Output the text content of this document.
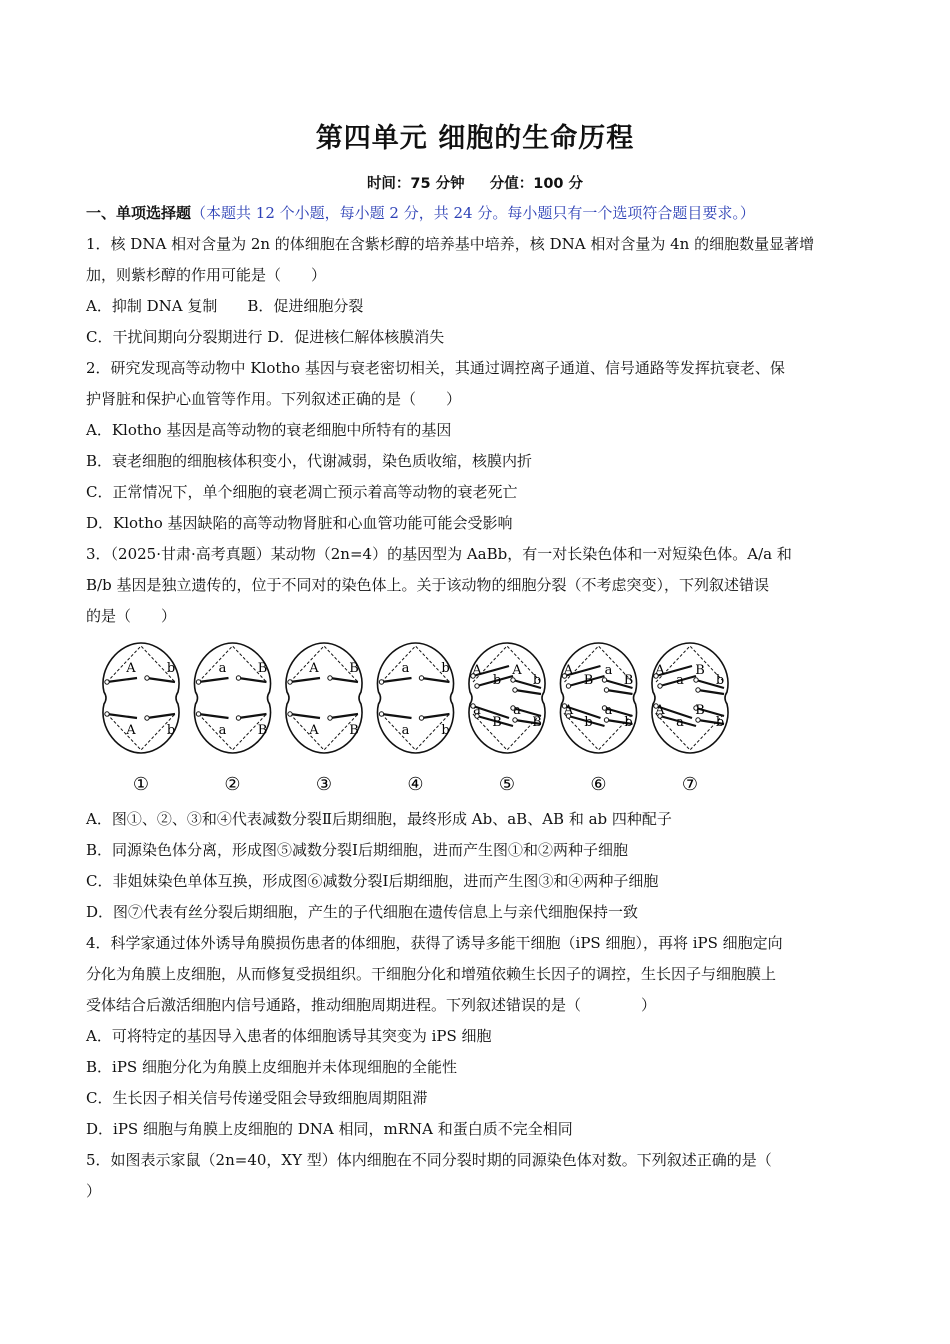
第四单元 细胞的生命历程
时间：75 分钟 分值：100 分
一、单项选择题（本题共 12 个小题，每小题 2 分，共 24 分。每小题只有一个选项符合题目要求。）
1．核 DNA 相对含量为 2n 的体细胞在含紫杉醇的培养基中培养，核 DNA 相对含量为 4n 的细胞数量显著增
加，则紫杉醇的作用可能是（　　）
A．抑制 DNA 复制　　B．促进细胞分裂
C．干扰间期向分裂期进行 D．促进核仁解体核膜消失
2．研究发现高等动物中 Klotho 基因与衰老密切相关，其通过调控离子通道、信号通路等发挥抗衰老、保
护肾脏和保护心血管等作用。下列叙述正确的是（　　）
A．Klotho 基因是高等动物的衰老细胞中所特有的基因
B．衰老细胞的细胞核体积变小，代谢减弱，染色质收缩，核膜内折
C．正常情况下，单个细胞的衰老凋亡预示着高等动物的衰老死亡
D．Klotho 基因缺陷的高等动物肾脏和心血管功能可能会受影响
3．（2025·甘肃·高考真题）某动物（2n=4）的基因型为 AaBb，有一对长染色体和一对短染色体。A/a 和
B/b 基因是独立遗传的，位于不同对的染色体上。关于该动物的细胞分裂（不考虑突变），下列叙述错误
的是（　　）
A b
A b
①
a B
a B
②
A B
A B
③
a b
a b
④
A
b
A
b
a
B
a
B
⑤
A
B
a
B
A
b
a
b
⑥
A
a
B
b
A
a
B
b
⑦
A．图①、②、③和④代表减数分裂Ⅱ后期细胞，最终形成 Ab、aB、AB 和 ab 四种配子
B．同源染色体分离，形成图⑤减数分裂Ⅰ后期细胞，进而产生图①和②两种子细胞
C．非姐妹染色单体互换，形成图⑥减数分裂Ⅰ后期细胞，进而产生图③和④两种子细胞
D．图⑦代表有丝分裂后期细胞，产生的子代细胞在遗传信息上与亲代细胞保持一致
4．科学家通过体外诱导角膜损伤患者的体细胞，获得了诱导多能干细胞（iPS 细胞），再将 iPS 细胞定向
分化为角膜上皮细胞，从而修复受损组织。干细胞分化和增殖依赖生长因子的调控，生长因子与细胞膜上
受体结合后激活细胞内信号通路，推动细胞周期进程。下列叙述错误的是（　　　　）
A．可将特定的基因导入患者的体细胞诱导其突变为 iPS 细胞
B．iPS 细胞分化为角膜上皮细胞并未体现细胞的全能性
C．生长因子相关信号传递受阻会导致细胞周期阻滞
D．iPS 细胞与角膜上皮细胞的 DNA 相同，mRNA 和蛋白质不完全相同
5．如图表示家鼠（2n=40，XY 型）体内细胞在不同分裂时期的同源染色体对数。下列叙述正确的是（
）
